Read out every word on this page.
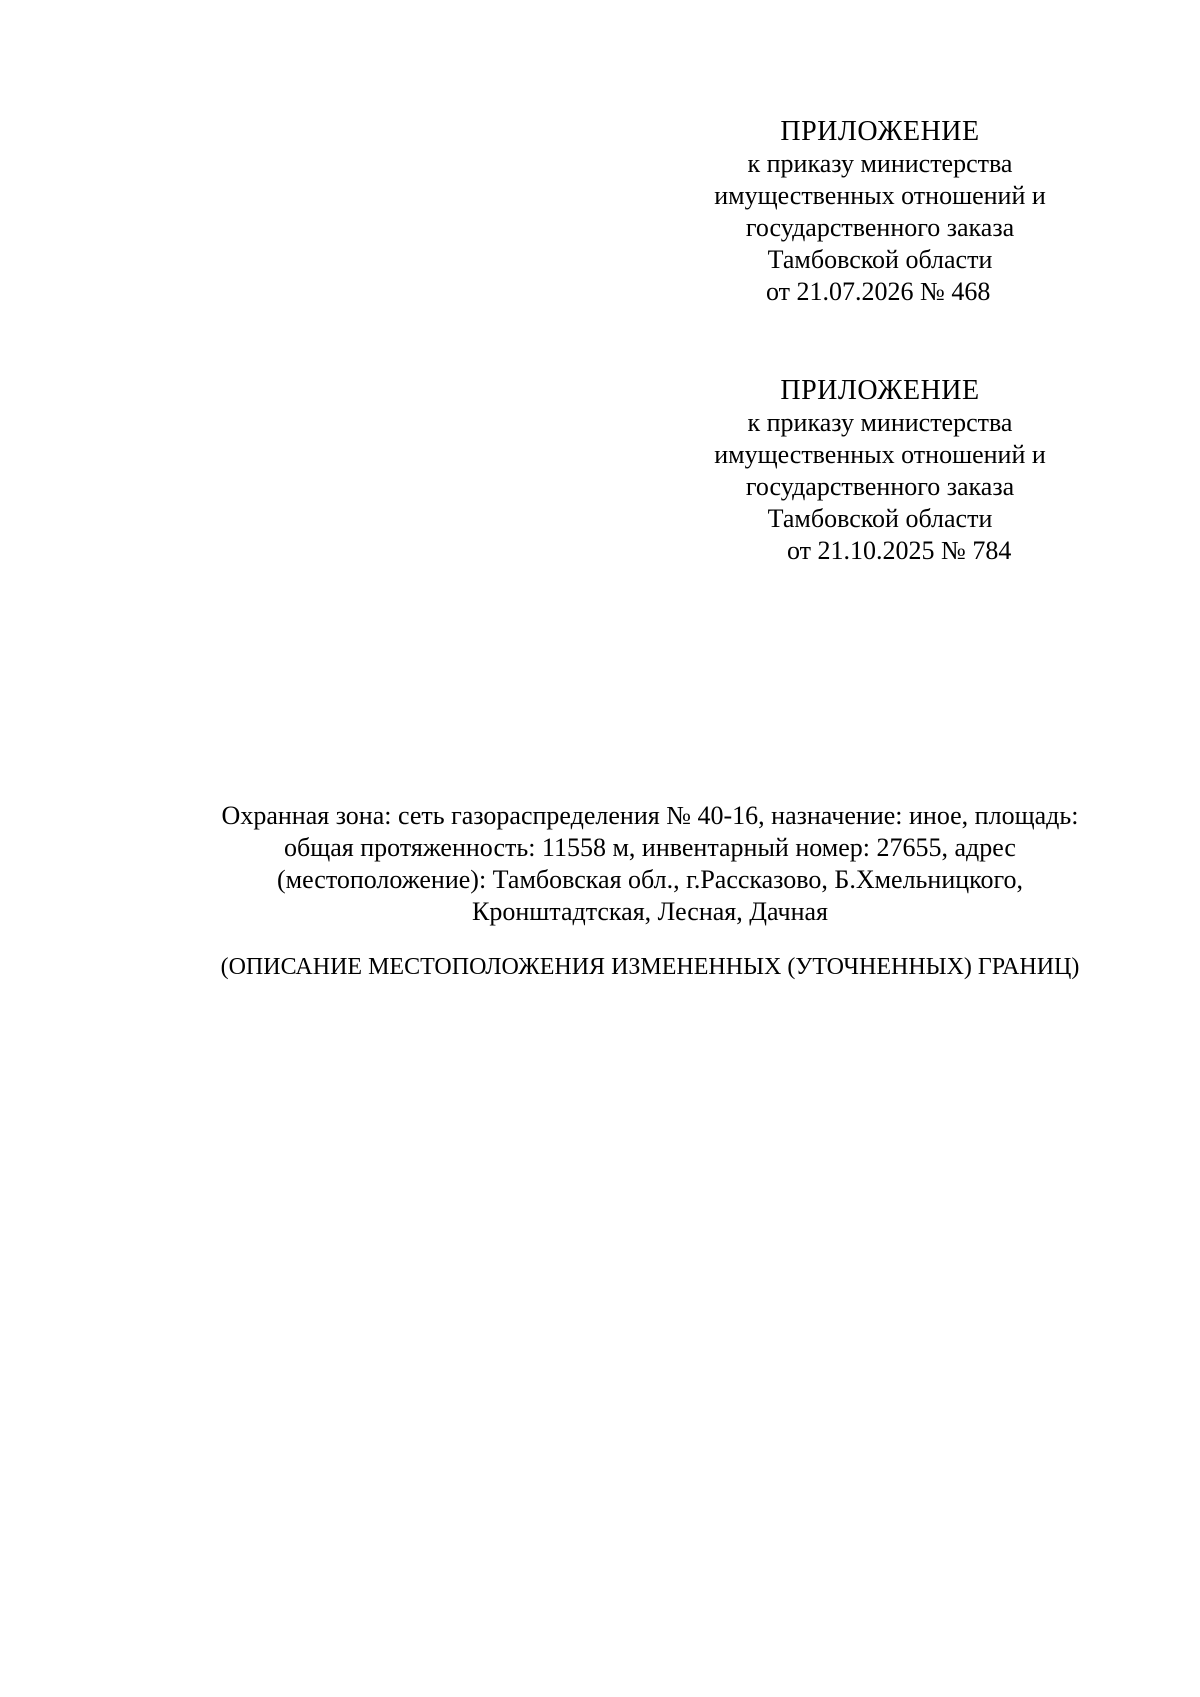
ПРИЛОЖЕНИЕ
к приказу министерства
имущественных отношений и
государственного заказа
Тамбовской области
от 21.07.2026 № 468
ПРИЛОЖЕНИЕ
к приказу министерства
имущественных отношений и
государственного заказа
Тамбовской области
от 21.10.2025 № 784
Охранная зона: сеть газораспределения № 40-16, назначение: иное, площадь:
общая протяженность: 11558 м, инвентарный номер: 27655, адрес
(местоположение): Тамбовская обл., г.Рассказово, Б.Хмельницкого,
Кронштадтская, Лесная, Дачная
(ОПИСАНИЕ МЕСТОПОЛОЖЕНИЯ ИЗМЕНЕННЫХ (УТОЧНЕННЫХ) ГРАНИЦ)
